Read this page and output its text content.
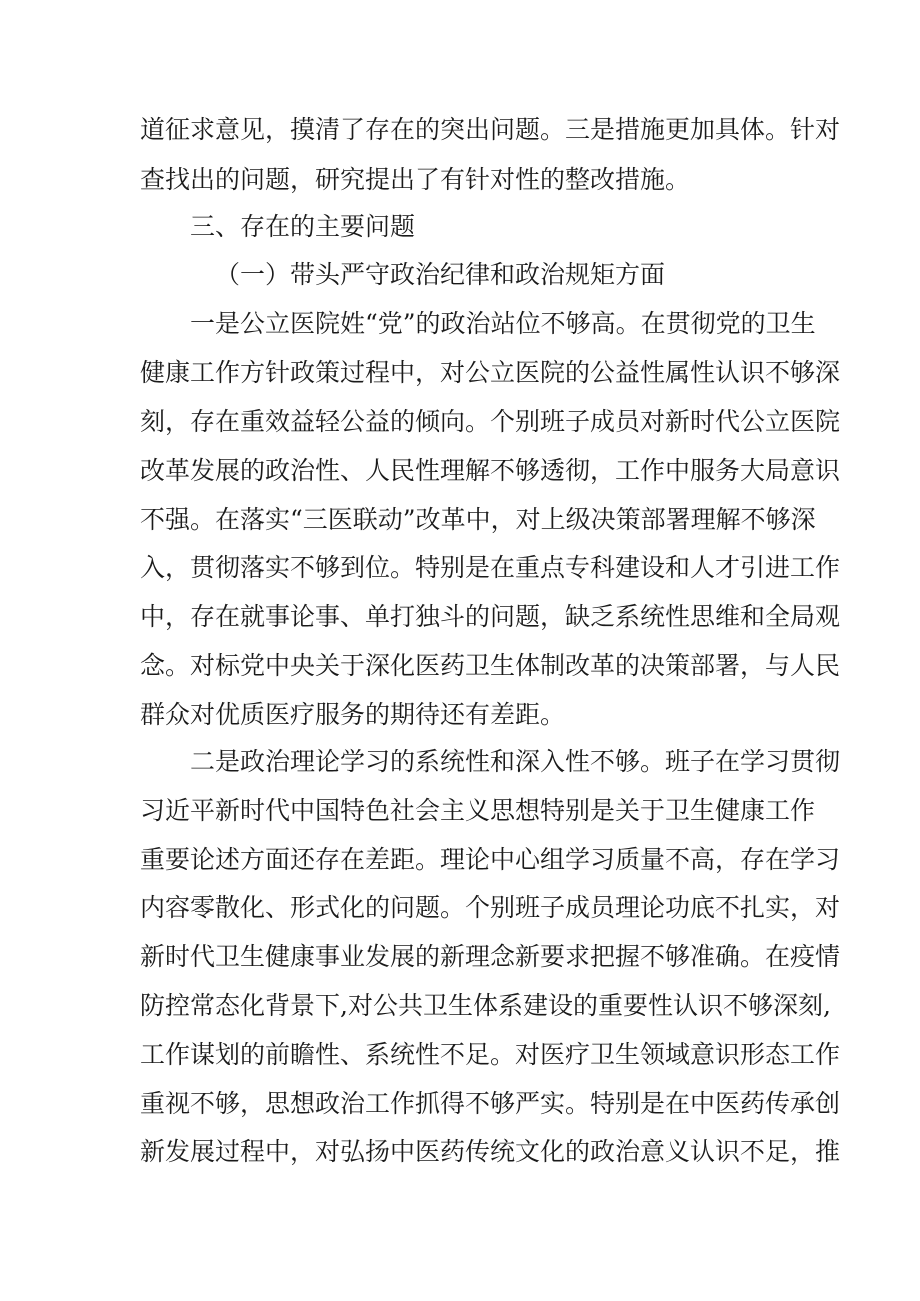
道征求意见，摸清了存在的突出问题。三是措施更加具体。针对
查找出的问题，研究提出了有针对性的整改措施。
三、存在的主要问题
（一）带头严守政治纪律和政治规矩方面
一是公立医院姓“党”的政治站位不够高。在贯彻党的卫生
健康工作方针政策过程中，对公立医院的公益性属性认识不够深
刻，存在重效益轻公益的倾向。个别班子成员对新时代公立医院
改革发展的政治性、人民性理解不够透彻，工作中服务大局意识
不强。在落实“三医联动”改革中，对上级决策部署理解不够深
入，贯彻落实不够到位。特别是在重点专科建设和人才引进工作
中，存在就事论事、单打独斗的问题，缺乏系统性思维和全局观
念。对标党中央关于深化医药卫生体制改革的决策部署，与人民
群众对优质医疗服务的期待还有差距。
二是政治理论学习的系统性和深入性不够。班子在学习贯彻
习近平新时代中国特色社会主义思想特别是关于卫生健康工作
重要论述方面还存在差距。理论中心组学习质量不高，存在学习
内容零散化、形式化的问题。个别班子成员理论功底不扎实，对
新时代卫生健康事业发展的新理念新要求把握不够准确。在疫情
防控常态化背景下,对公共卫生体系建设的重要性认识不够深刻,
工作谋划的前瞻性、系统性不足。对医疗卫生领域意识形态工作
重视不够，思想政治工作抓得不够严实。特别是在中医药传承创
新发展过程中，对弘扬中医药传统文化的政治意义认识不足，推
